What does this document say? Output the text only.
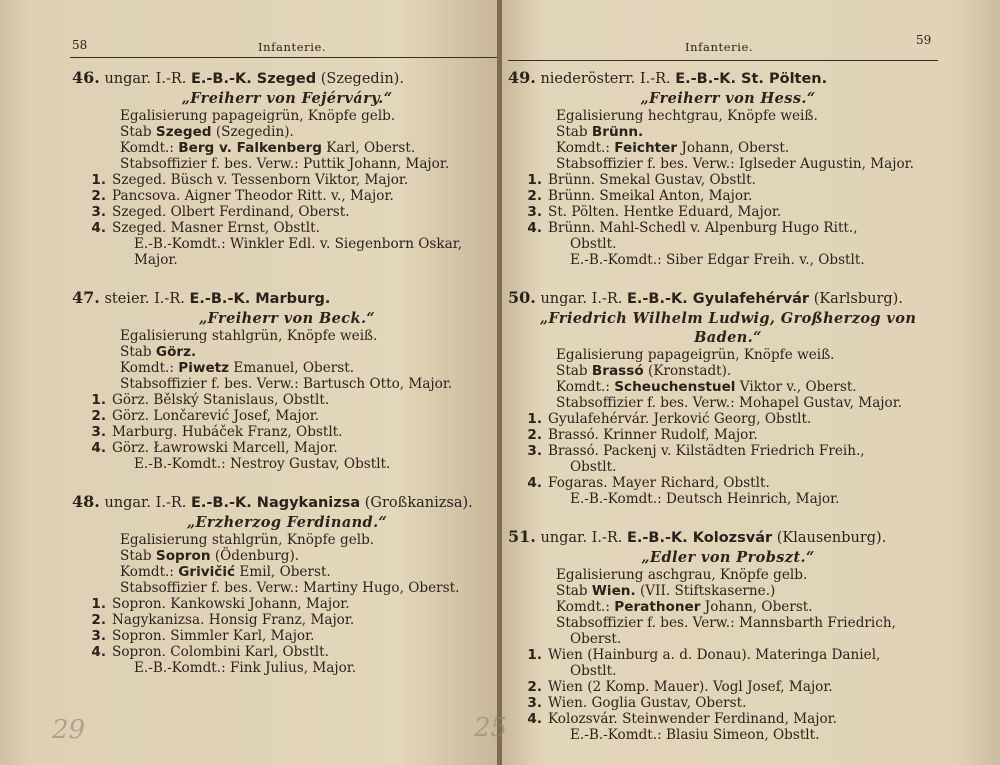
58	Infanterie.
46. ungar. I.-R. E.-B.-K. Szeged (Szegedin).
„Freiherr von Fejérváry.“
Egalisierung papageigrün, Knöpfe gelb.
Stab Szeged (Szegedin).
Komdt.: Berg v. Falkenberg Karl, Oberst.
Stabsoffizier f. bes. Verw.: Puttik Johann, Major.
1. Szeged. Büsch v. Tessenborn Viktor, Major.
2. Pancsova. Aigner Theodor Ritt. v., Major.
3. Szeged. Olbert Ferdinand, Oberst.
4. Szeged. Masner Ernst, Obstlt.
E.-B.-Komdt.: Winkler Edl. v. Siegenborn Oskar,
Major.
47. steier. I.-R. E.-B.-K. Marburg.
„Freiherr von Beck.“
Egalisierung stahlgrün, Knöpfe weiß.
Stab Görz.
Komdt.: Piwetz Emanuel, Oberst.
Stabsoffizier f. bes. Verw.: Bartusch Otto, Major.
1. Görz. Bělský Stanislaus, Obstlt.
2. Görz. Lončarević Josef, Major.
3. Marburg. Hubáček Franz, Obstlt.
4. Görz. Ławrowski Marcell, Major.
E.-B.-Komdt.: Nestroy Gustav, Obstlt.
48. ungar. I.-R. E.-B.-K. Nagykanizsa (Großkanizsa).
„Erzherzog Ferdinand.“
Egalisierung stahlgrün, Knöpfe gelb.
Stab Sopron (Ödenburg).
Komdt.: Grivičić Emil, Oberst.
Stabsoffizier f. bes. Verw.: Martiny Hugo, Oberst.
1. Sopron. Kankowski Johann, Major.
2. Nagykanizsa. Honsig Franz, Major.
3. Sopron. Simmler Karl, Major.
4. Sopron. Colombini Karl, Obstlt.
E.-B.-Komdt.: Fink Julius, Major.
29
Infanterie.	59
49. niederösterr. I.-R. E.-B.-K. St. Pölten.
„Freiherr von Hess.“
Egalisierung hechtgrau, Knöpfe weiß.
Stab Brünn.
Komdt.: Feichter Johann, Oberst.
Stabsoffizier f. bes. Verw.: Iglseder Augustin, Major.
1. Brünn. Smekal Gustav, Obstlt.
2. Brünn. Smeikal Anton, Major.
3. St. Pölten. Hentke Eduard, Major.
4. Brünn. Mahl-Schedl v. Alpenburg Hugo Ritt.,
Obstlt.
E.-B.-Komdt.: Siber Edgar Freih. v., Obstlt.
50. ungar. I.-R. E.-B.-K. Gyulafehérvár (Karlsburg).
„Friedrich Wilhelm Ludwig, Großherzog von
Baden.“
Egalisierung papageigrün, Knöpfe weiß.
Stab Brassó (Kronstadt).
Komdt.: Scheuchenstuel Viktor v., Oberst.
Stabsoffizier f. bes. Verw.: Mohapel Gustav, Major.
1. Gyulafehérvár. Jerković Georg, Obstlt.
2. Brassó. Krinner Rudolf, Major.
3. Brassó. Packenj v. Kilstädten Friedrich Freih.,
Obstlt.
4. Fogaras. Mayer Richard, Obstlt.
E.-B.-Komdt.: Deutsch Heinrich, Major.
51. ungar. I.-R. E.-B.-K. Kolozsvár (Klausenburg).
„Edler von Probszt.“
Egalisierung aschgrau, Knöpfe gelb.
Stab Wien. (VII. Stiftskaserne.)
Komdt.: Perathoner Johann, Oberst.
Stabsoffizier f. bes. Verw.: Mannsbarth Friedrich,
Oberst.
1. Wien (Hainburg a. d. Donau). Materinga Daniel,
Obstlt.
2. Wien (2 Komp. Mauer). Vogl Josef, Major.
3. Wien. Goglia Gustav, Oberst.
4. Kolozsvár. Steinwender Ferdinand, Major.
E.-B.-Komdt.: Blasiu Simeon, Obstlt.
25
